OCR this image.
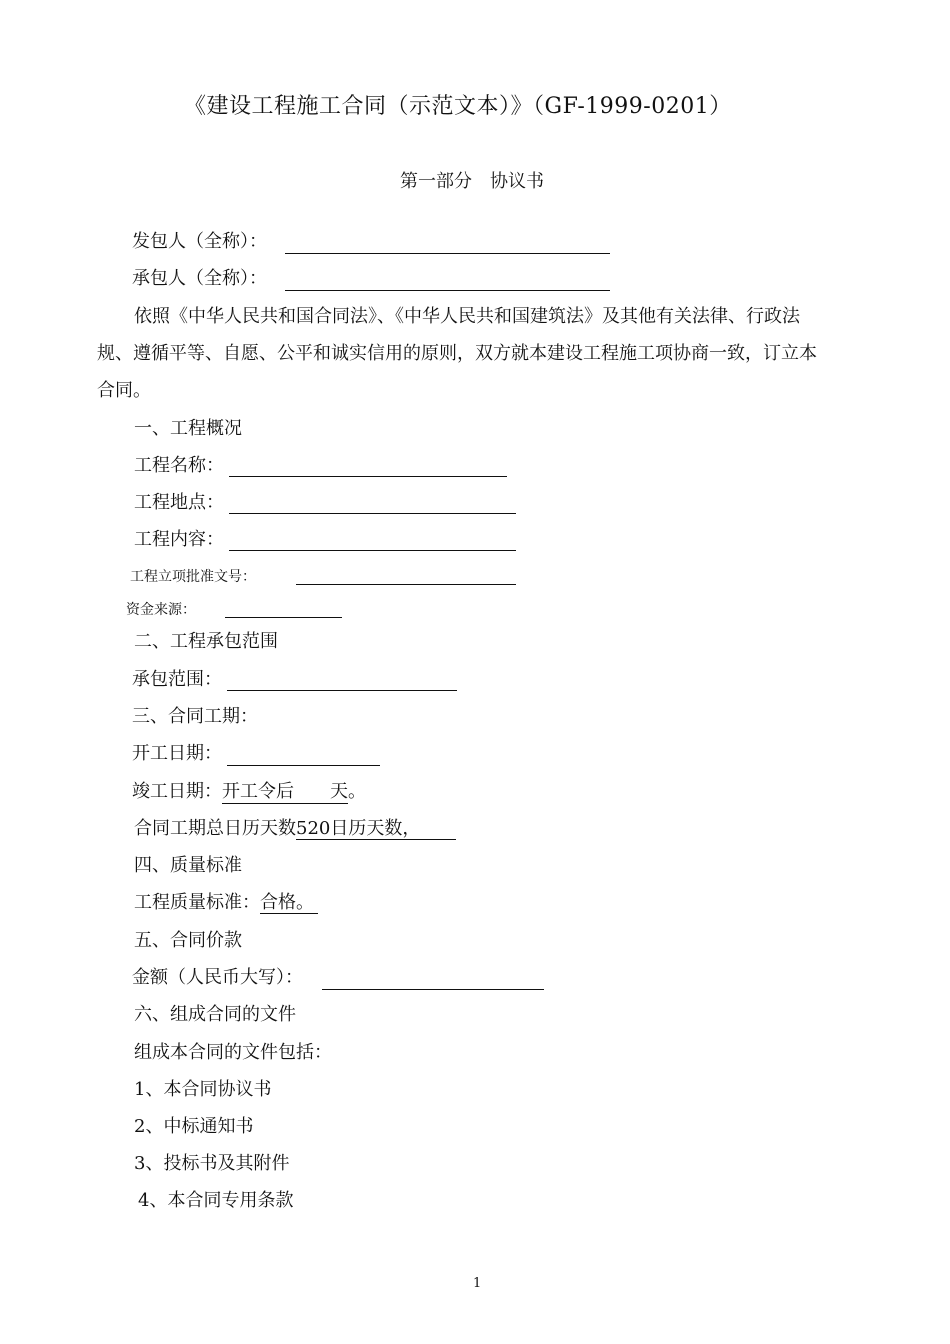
《建设工程施工合同（示范文本）》（GF-1999-0201）
第一部分　协议书
发包人（全称）：
承包人（全称）：
依照《中华人民共和国合同法》、《中华人民共和国建筑法》及其他有关法律、行政法
规、遵循平等、自愿、公平和诚实信用的原则，双方就本建设工程施工项协商一致，订立本
合同。
一、工程概况
工程名称：
工程地点：
工程内容：
工程立项批准文号：
资金来源：
二、工程承包范围
承包范围：
三、合同工期：
开工日期：
竣工日期：开工令后　　天。
合同工期总日历天数520日历天数，
四、质量标准
工程质量标准：合格。
五、合同价款
金额（人民币大写）：
六、组成合同的文件
组成本合同的文件包括：
1、本合同协议书
2、中标通知书
3、投标书及其附件
4、本合同专用条款
1
